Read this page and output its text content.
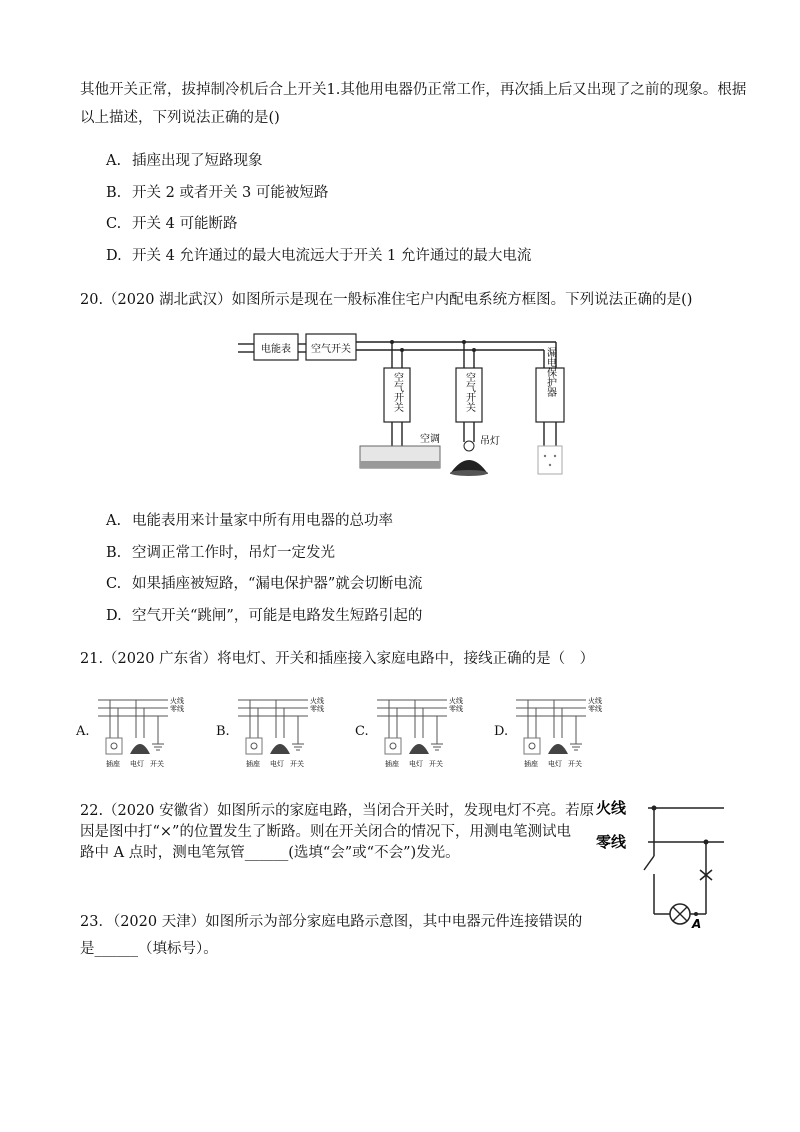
其他开关正常，拔掉制冷机后合上开关1.其他用电器仍正常工作，再次插上后又出现了之前的现象。根据
以上描述，下列说法正确的是()
A. 插座出现了短路现象
B. 开关 2 或者开关 3 可能被短路
C. 开关 4 可能断路
D. 开关 4 允许通过的最大电流远大于开关 1 允许通过的最大电流
20.（2020 湖北武汉）如图所示是现在一般标准住宅户内配电系统方框图。下列说法正确的是()
电能表 空气开关
空气开关	空气开关	漏电保护器
空调	吊灯
A. 电能表用来计量家中所有用电器的总功率
B. 空调正常工作时，吊灯一定发光
C. 如果插座被短路，“漏电保护器”就会切断电流
D. 空气开关“跳闸”，可能是电路发生短路引起的
21.（2020 广东省）将电灯、开关和插座接入家庭电路中，接线正确的是（　）
A.
火线
零线
插座 电灯 开关
B.
火线
零线
插座 电灯 开关
C.
火线
零线
插座 电灯 开关
D.
火线
零线
插座 电灯 开关
22.（2020 安徽省）如图所示的家庭电路，当闭合开关时，发现电灯不亮。若原
因是图中打“×”的位置发生了断路。则在开关闭合的情况下，用测电笔测试电
路中 A 点时，测电笔氖管______(选填“会”或“不会”)发光。
火线
零线
A
23．（2020 天津）如图所示为部分家庭电路示意图，其中电器元件连接错误的
是______（填标号）。
